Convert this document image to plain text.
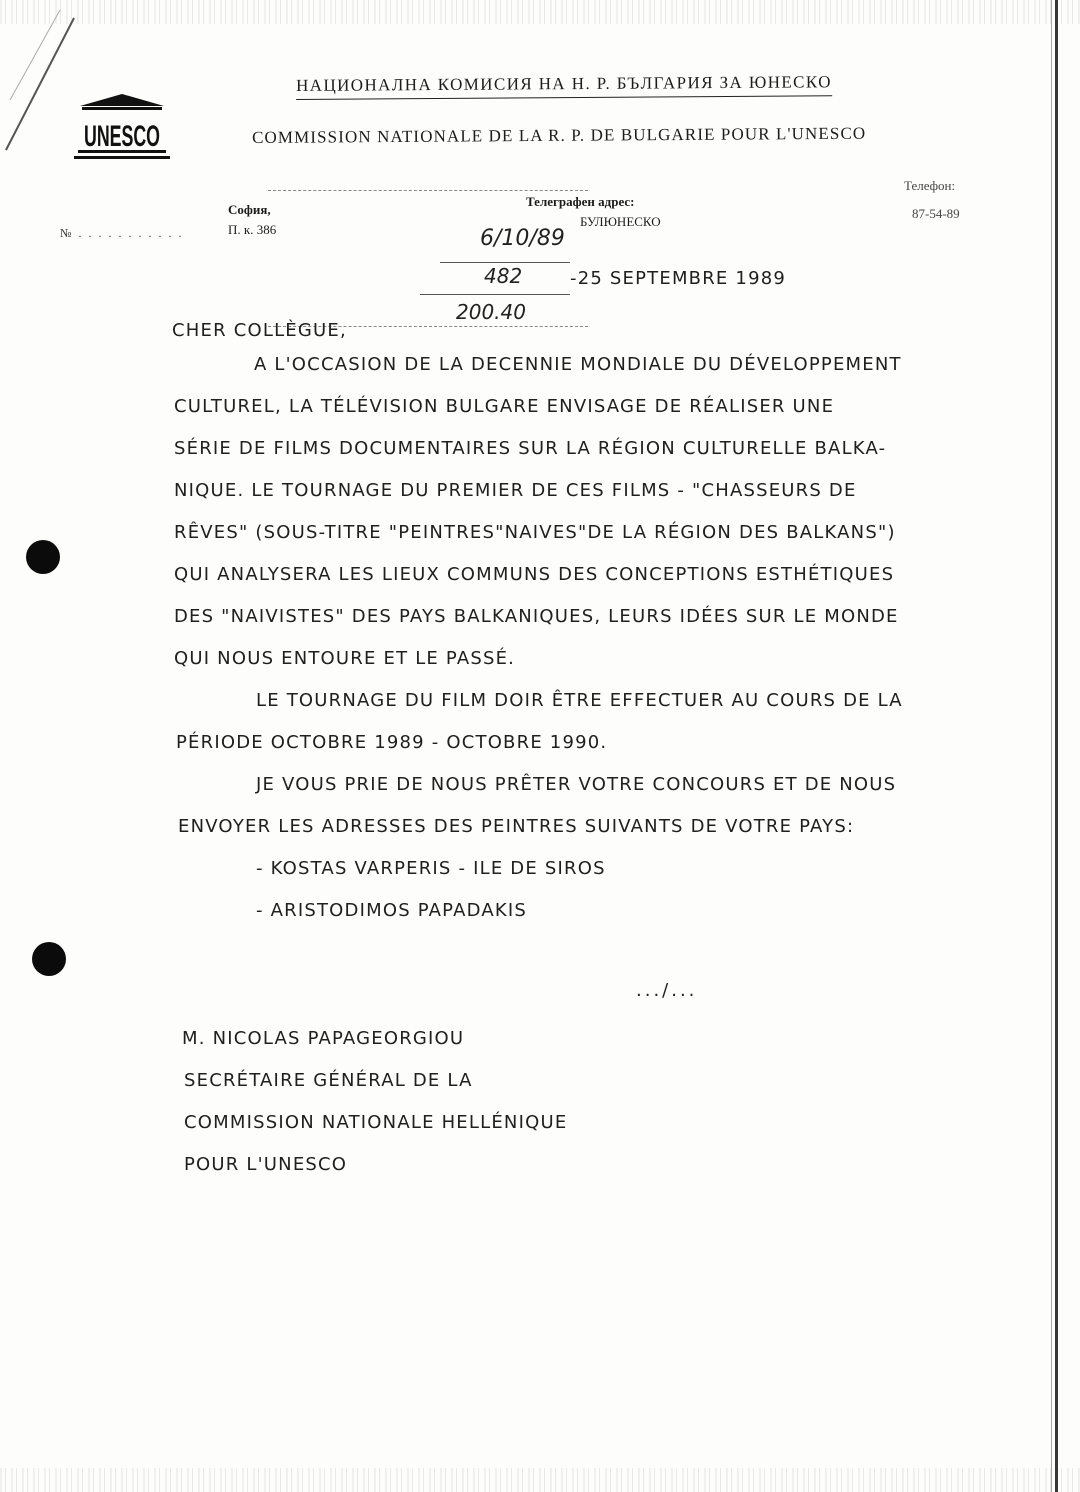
UNESCO
НАЦИОНАЛНА КОМИСИЯ НА Н. Р. БЪЛГАРИЯ ЗА ЮНЕСКО
COMMISSION NATIONALE DE LA R. P. DE BULGARIE POUR L'UNESCO
№ . . . . . . . . . . .
София,
П. к. 386
Телеграфен адрес:
БУЛЮНЕСКО
Телефон:
87-54-89
6/10/89
482
200.40
-25 SEPTEMBRE 1989
CHER COLLÈGUE,
A L'OCCASION DE LA DECENNIE MONDIALE DU DÉVELOPPEMENT
CULTUREL, LA TÉLÉVISION BULGARE ENVISAGE DE RÉALISER UNE
SÉRIE DE FILMS DOCUMENTAIRES SUR LA RÉGION CULTURELLE BALKA-
NIQUE. LE TOURNAGE DU PREMIER DE CES FILMS - "CHASSEURS DE
RÊVES" (SOUS-TITRE "PEINTRES"NAIVES"DE LA RÉGION DES BALKANS")
QUI ANALYSERA LES LIEUX COMMUNS DES CONCEPTIONS ESTHÉTIQUES
DES "NAIVISTES" DES PAYS BALKANIQUES, LEURS IDÉES SUR LE MONDE
QUI NOUS ENTOURE ET LE PASSÉ.
LE TOURNAGE DU FILM DOIR ÊTRE EFFECTUER AU COURS DE LA
PÉRIODE OCTOBRE 1989 - OCTOBRE 1990.
JE VOUS PRIE DE NOUS PRÊTER VOTRE CONCOURS ET DE NOUS
ENVOYER LES ADRESSES DES PEINTRES SUIVANTS DE VOTRE PAYS:
- KOSTAS VARPERIS - ILE DE SIROS
- ARISTODIMOS PAPADAKIS
.../...
M. NICOLAS PAPAGEORGIOU
SECRÉTAIRE GÉNÉRAL DE LA
COMMISSION NATIONALE HELLÉNIQUE
POUR L'UNESCO
